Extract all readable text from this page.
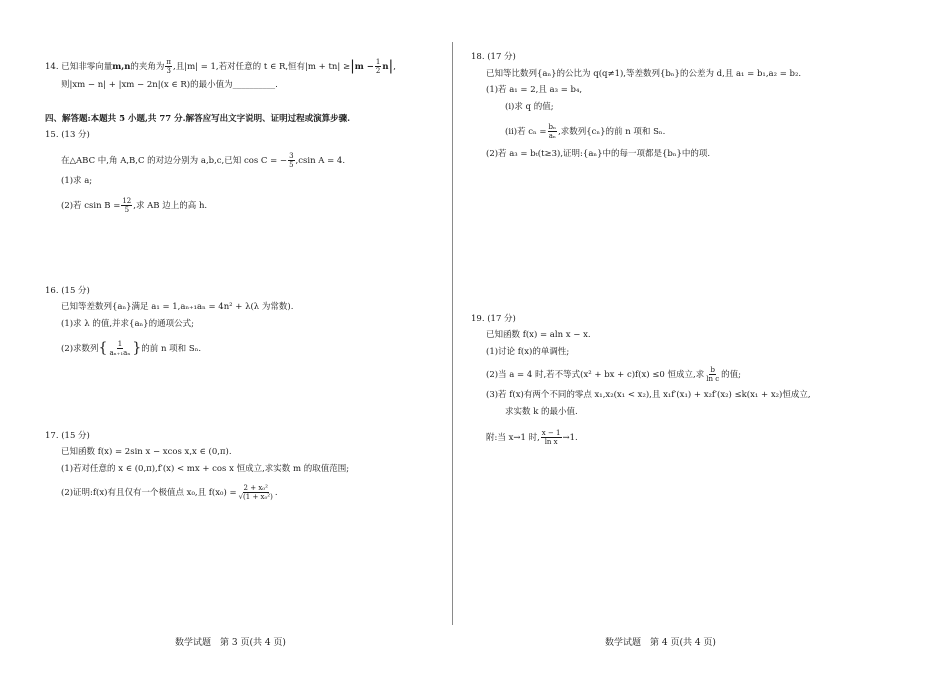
14. 已知非零向量m,n的夹角为 $\frac{\pi}{3}$ ,且|m| = 1,若对任意的 t ∈ R,恒有$|m + tn| \ge|m - \frac{1}{2} n|$,
则|xm − n| + |xm − 2n|(x ∈ R)的最小值为__________.
四、解答题:本题共 5 小题,共 77 分.解答应写出文字说明、证明过程或演算步骤.
15. (13 分)
在△ABC 中,角 A,B,C 的对边分别为 a,b,c,已知 cos C = − $\frac{3}{5} ,csin$ A = 4.
(1)求 a;
(2)若 csin $B = \frac{12}{5}$ ,求 AB 边上的高 h.
16. (15 分)
已知等差数列{aₙ}满足 a₁ = 1,aₙ₊₁aₙ = 4n² + λ(λ 为常数).
(1)求 λ 的值,并求{aₙ}的通项公式;
(2)求数列{ $\frac{1}{\text{aₙ₊₁aₙ}}$ }的前 n 项和 Sₙ.
17. (15 分)
已知函数 f(x) = 2sin x − xcos x,x ∈ (0,π).
(1)若对任意的 x ∈ (0,π),f′(x) < mx + cos x 恒成立,求实数 m 的取值范围;
(2)证明:f(x)有且仅有一个极值点 x₀,且 $f(x_0) = \frac{\text{2 + x₀²}}{\text{√(1 + x₀²)}}$ .
数学试题　第 3 页(共 4 页)
18. (17 分)
已知等比数列{aₙ}的公比为 q(q≠1),等差数列{bₙ}的公差为 d,且 a₁ = b₁,a₂ = b₂.
(1)若 a₁ = 2,且 a₃ = b₄,
(ⅰ)求 q 的值;
(ⅱ)若 $c_n = \frac{\text{bₙ}}{\text{aₙ}}$ ,求数列{cₙ}的前 n 项和 Sₙ.
(2)若 a₃ = bₜ(t≥3),证明:{aₙ}中的每一项都是{bₙ}中的项.
19. (17 分)
已知函数 f(x) = aln x − x.
(1)讨论 f(x)的单调性;
(2)当 a = 4 时,若不等式(x² + bx + c)f(x) ≤0 恒成立,求 $\frac{b}{\text{ln c}}$ 的值;
(3)若 f(x)有两个不同的零点 x₁,x₂(x₁ < x₂),且 x₁f′(x₁) + x₂f′(x₂) ≤k(x₁ + x₂)恒成立,
求实数 k 的最小值.
附:当 x→1 时, $\frac{x - 1}{\text{ln x}} \to 1$.
数学试题　第 4 页(共 4 页)
